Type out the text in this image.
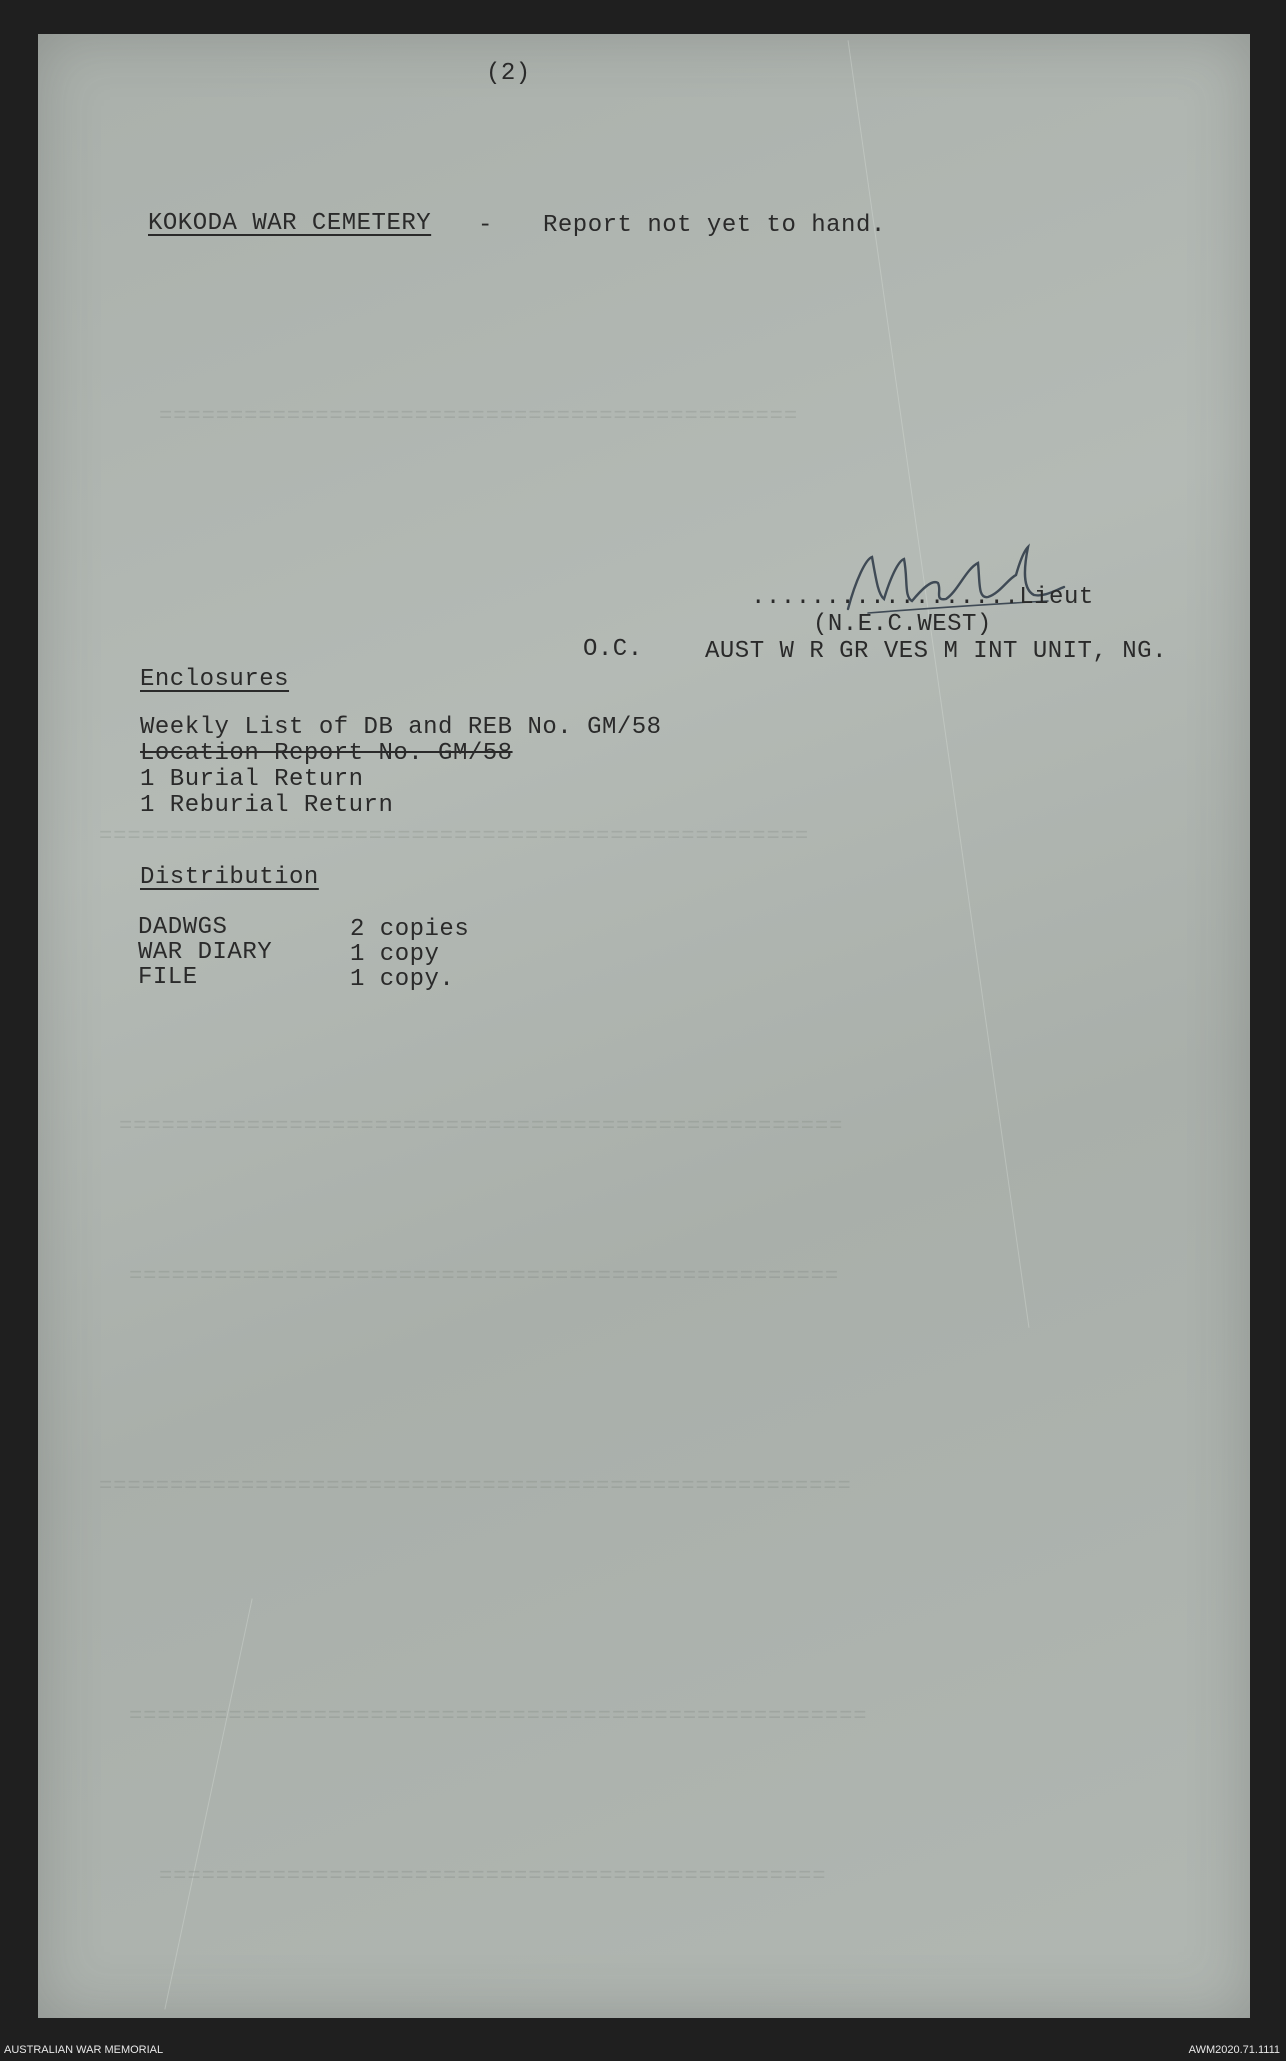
=============================================
==================================================
===================================================
==================================================
=====================================================
====================================================
===============================================
(2)
KOKODA WAR CEMETERY - Report not yet to hand.
..................Lieut
(N.E.C.WEST)
O.C.	AUST W R GR VES M INT UNIT, NG.
Enclosures
Weekly List of DB and REB No. GM/58
Location Report No. GM/58
1 Burial Return
1 Reburial Return
Distribution
DADWGS	2 copies
WAR DIARY	1 copy
FILE	1 copy.
AUSTRALIAN WAR MEMORIAL	AWM2020.71.1111
